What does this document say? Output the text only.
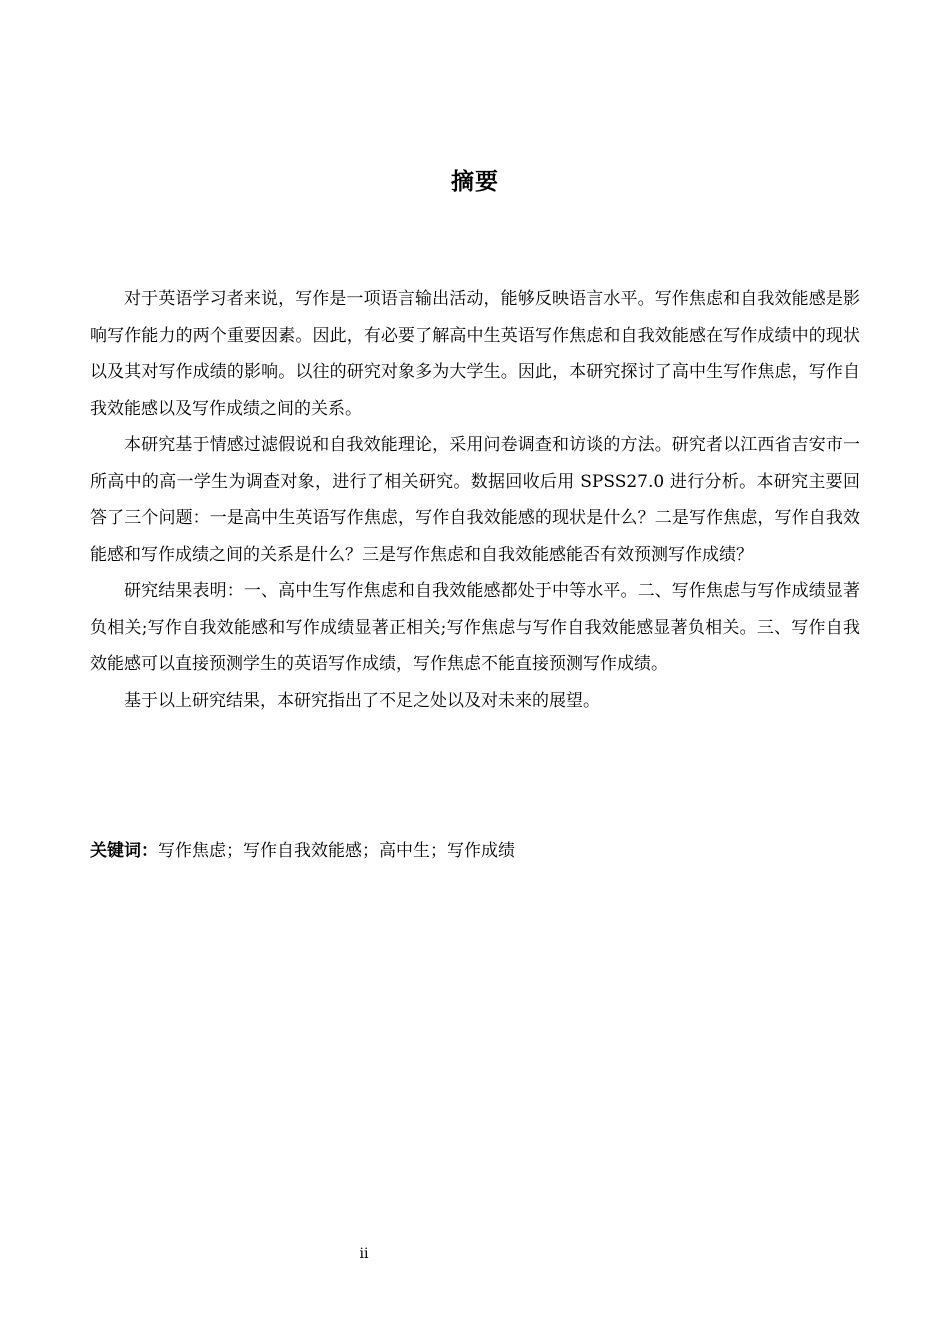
摘要

对于英语学习者来说，写作是一项语言输出活动，能够反映语言水平。写作焦虑和自我效能感是影响写作能力的两个重要因素。因此，有必要了解高中生英语写作焦虑和自我效能感在写作成绩中的现状以及其对写作成绩的影响。以往的研究对象多为大学生。因此，本研究探讨了高中生写作焦虑，写作自我效能感以及写作成绩之间的关系。

本研究基于情感过滤假说和自我效能理论，采用问卷调查和访谈的方法。研究者以江西省吉安市一所高中的高一学生为调查对象，进行了相关研究。数据回收后用 SPSS27.0 进行分析。本研究主要回答了三个问题：一是高中生英语写作焦虑，写作自我效能感的现状是什么？二是写作焦虑，写作自我效能感和写作成绩之间的关系是什么？三是写作焦虑和自我效能感能否有效预测写作成绩？

研究结果表明：一、高中生写作焦虑和自我效能感都处于中等水平。二、写作焦虑与写作成绩显著负相关;写作自我效能感和写作成绩显著正相关;写作焦虑与写作自我效能感显著负相关。三、写作自我效能感可以直接预测学生的英语写作成绩，写作焦虑不能直接预测写作成绩。

基于以上研究结果，本研究指出了不足之处以及对未来的展望。

关键词：写作焦虑；写作自我效能感；高中生；写作成绩
ii
